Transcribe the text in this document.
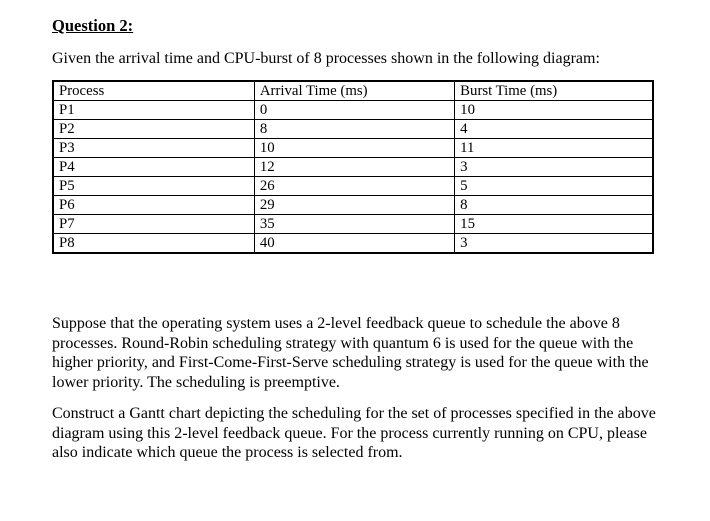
Question 2:

Given the arrival time and CPU-burst of 8 processes shown in the following diagram:

Process	Arrival Time (ms)	Burst Time (ms)
P1	0	10
P2	8	4
P3	10	11
P4	12	3
P5	26	5
P6	29	8
P7	35	15
P8	40	3

Suppose that the operating system uses a 2-level feedback queue to schedule the above 8 processes. Round-Robin scheduling strategy with quantum 6 is used for the queue with the higher priority, and First-Come-First-Serve scheduling strategy is used for the queue with the lower priority. The scheduling is preemptive.

Construct a Gantt chart depicting the scheduling for the set of processes specified in the above diagram using this 2-level feedback queue. For the process currently running on CPU, please also indicate which queue the process is selected from.
